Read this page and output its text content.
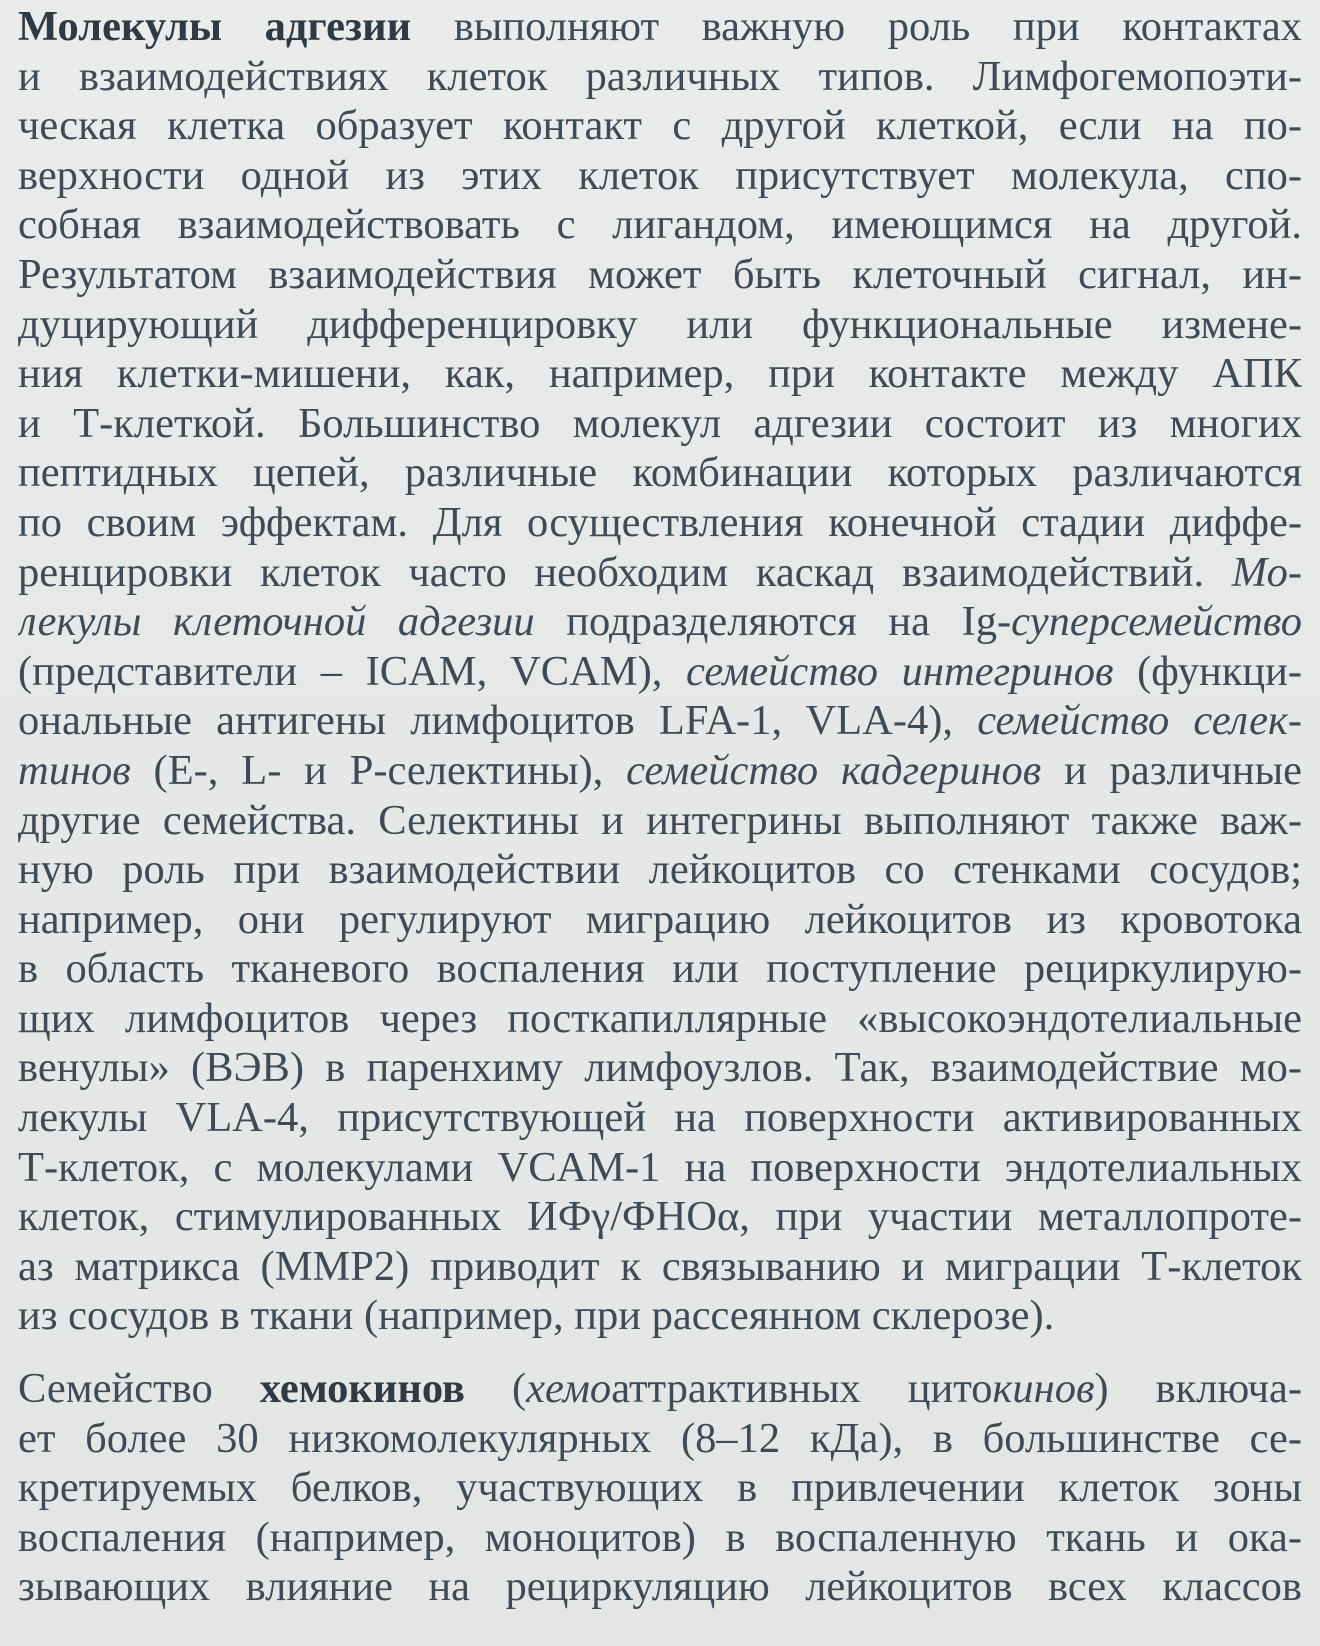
Молекулы адгезии выполняют важную роль при контактах
и взаимодействиях клеток различных типов. Лимфогемопоэти-
ческая клетка образует контакт с другой клеткой, если на по-
верхности одной из этих клеток присутствует молекула, спо-
собная взаимодействовать с лигандом, имеющимся на другой.
Результатом взаимодействия может быть клеточный сигнал, ин-
дуцирующий дифференцировку или функциональные измене-
ния клетки-мишени, как, например, при контакте между АПК
и Т-клеткой. Большинство молекул адгезии состоит из многих
пептидных цепей, различные комбинации которых различаются
по своим эффектам. Для осуществления конечной стадии диффе-
ренцировки клеток часто необходим каскад взаимодействий. Мо-
лекулы клеточной адгезии подразделяются на Ig-суперсемейство
(представители – ICAM, VCAM), семейство интегринов (функци-
ональные антигены лимфоцитов LFA-1, VLA-4), семейство селек-
тинов (Е-, L- и Р-селектины), семейство кадгеринов и различные
другие семейства. Селектины и интегрины выполняют также важ-
ную роль при взаимодействии лейкоцитов со стенками сосудов;
например, они регулируют миграцию лейкоцитов из кровотока
в область тканевого воспаления или поступление рециркулирую-
щих лимфоцитов через посткапиллярные «высокоэндотелиальные
венулы» (ВЭВ) в паренхиму лимфоузлов. Так, взаимодействие мо-
лекулы VLA-4, присутствующей на поверхности активированных
Т-клеток, с молекулами VCAM-1 на поверхности эндотелиальных
клеток, стимулированных ИФγ/ФНОα, при участии металлопроте-
аз матрикса (ММР2) приводит к связыванию и миграции Т-клеток
из сосудов в ткани (например, при рассеянном склерозе).
Семейство хемокинов (хемоаттрактивных цитокинов) включа-
ет более 30 низкомолекулярных (8–12 кДа), в большинстве се-
кретируемых белков, участвующих в привлечении клеток зоны
воспаления (например, моноцитов) в воспаленную ткань и ока-
зывающих влияние на рециркуляцию лейкоцитов всех классов
